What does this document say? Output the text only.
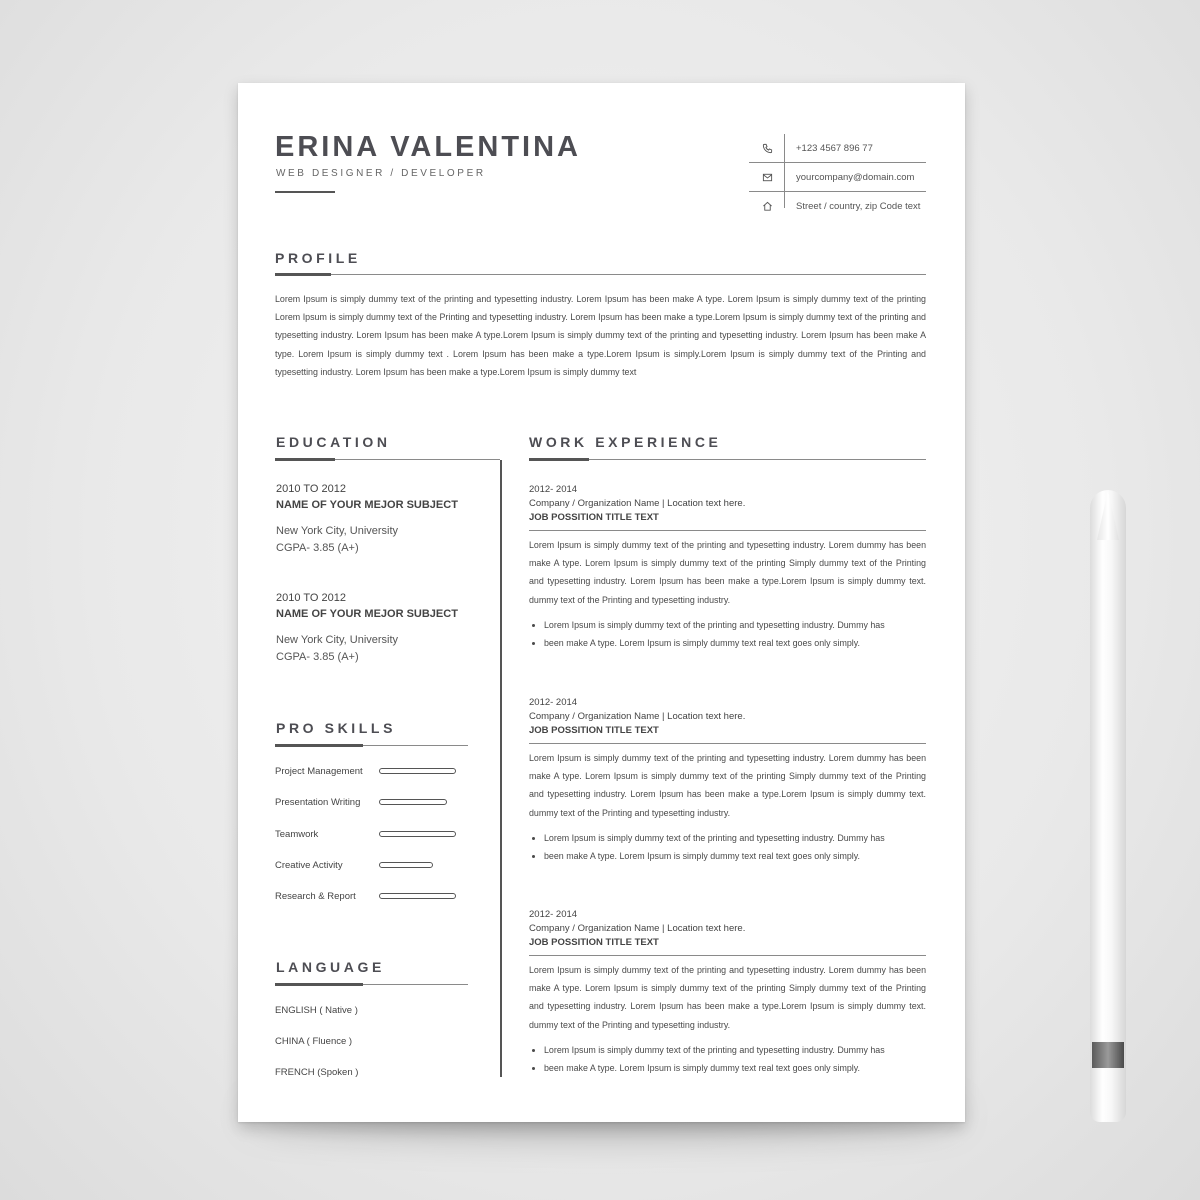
ERINA VALENTINA
WEB DESIGNER / DEVELOPER
+123 4567 896 77
yourcompany@domain.com
Street / country, zip Code text
PROFILE
Lorem Ipsum is simply dummy text of the printing and typesetting industry. Lorem Ipsum has been make A type. Lorem Ipsum is simply dummy text of the printing Lorem Ipsum is simply dummy text of the Printing and typesetting industry. Lorem Ipsum has been make a type.Lorem Ipsum is simply dummy text of the printing and typesetting industry. Lorem Ipsum has been make A type.Lorem Ipsum is simply dummy text of the printing and typesetting industry. Lorem Ipsum has been make A type. Lorem Ipsum is simply dummy text . Lorem Ipsum has been make a type.Lorem Ipsum is simply.Lorem Ipsum is simply dummy text of the Printing and typesetting industry. Lorem Ipsum has been make a type.Lorem Ipsum is simply dummy text
EDUCATION
2010 TO 2012
NAME OF YOUR MEJOR SUBJECT
New York City, University
CGPA- 3.85 (A+)
2010 TO 2012
NAME OF YOUR MEJOR SUBJECT
New York City, University
CGPA- 3.85 (A+)
PRO SKILLS
Project Management
Presentation Writing
Teamwork
Creative Activity
Research & Report
LANGUAGE
ENGLISH ( Native )
CHINA ( Fluence )
FRENCH (Spoken )
WORK EXPERIENCE
2012- 2014
Company / Organization Name | Location text here.
JOB POSSITION TITLE TEXT
Lorem Ipsum is simply dummy text of the printing and typesetting industry. Lorem dummy has been make A type. Lorem Ipsum is simply dummy text of the printing Simply dummy text of the Printing and typesetting industry. Lorem Ipsum has been make a type.Lorem Ipsum is simply dummy text. dummy text of the Printing and typesetting industry.
• Lorem Ipsum is simply dummy text of the printing and typesetting industry. Dummy has
• been make A type. Lorem Ipsum is simply dummy text real text goes only simply.
2012- 2014
Company / Organization Name | Location text here.
JOB POSSITION TITLE TEXT
Lorem Ipsum is simply dummy text of the printing and typesetting industry. Lorem dummy has been make A type. Lorem Ipsum is simply dummy text of the printing Simply dummy text of the Printing and typesetting industry. Lorem Ipsum has been make a type.Lorem Ipsum is simply dummy text. dummy text of the Printing and typesetting industry.
• Lorem Ipsum is simply dummy text of the printing and typesetting industry. Dummy has
• been make A type. Lorem Ipsum is simply dummy text real text goes only simply.
2012- 2014
Company / Organization Name | Location text here.
JOB POSSITION TITLE TEXT
Lorem Ipsum is simply dummy text of the printing and typesetting industry. Lorem dummy has been make A type. Lorem Ipsum is simply dummy text of the printing Simply dummy text of the Printing and typesetting industry. Lorem Ipsum has been make a type.Lorem Ipsum is simply dummy text. dummy text of the Printing and typesetting industry.
• Lorem Ipsum is simply dummy text of the printing and typesetting industry. Dummy has
• been make A type. Lorem Ipsum is simply dummy text real text goes only simply.
